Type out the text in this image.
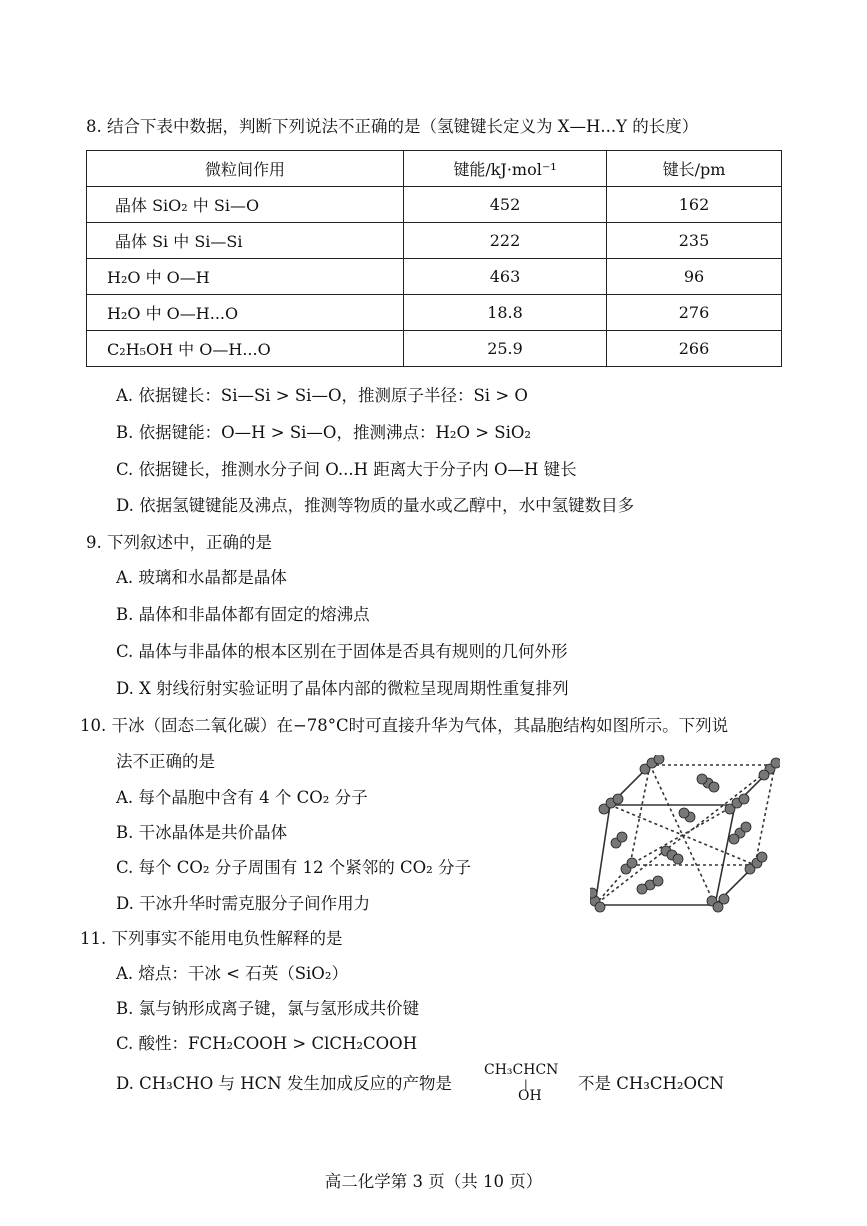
8. 结合下表中数据，判断下列说法不正确的是（氢键键长定义为 X—H...Y 的长度）
微粒间作用	键能/kJ·mol⁻¹	键长/pm
晶体 SiO₂ 中 Si—O	452	162
晶体 Si 中 Si—Si	222	235
H₂O 中 O—H	463	96
H₂O 中 O—H...O	18.8	276
C₂H₅OH 中 O—H...O	25.9	266
A. 依据键长：Si—Si > Si—O，推测原子半径：Si > O
B. 依据键能：O—H > Si—O，推测沸点：H₂O > SiO₂
C. 依据键长，推测水分子间 O...H 距离大于分子内 O—H 键长
D. 依据氢键键能及沸点，推测等物质的量水或乙醇中，水中氢键数目多
9. 下列叙述中，正确的是
A. 玻璃和水晶都是晶体
B. 晶体和非晶体都有固定的熔沸点
C. 晶体与非晶体的根本区别在于固体是否具有规则的几何外形
D. X 射线衍射实验证明了晶体内部的微粒呈现周期性重复排列
10. 干冰（固态二氧化碳）在−78°C时可直接升华为气体，其晶胞结构如图所示。下列说
法不正确的是
A. 每个晶胞中含有 4 个 CO₂ 分子
B. 干冰晶体是共价晶体
C. 每个 CO₂ 分子周围有 12 个紧邻的 CO₂ 分子
D. 干冰升华时需克服分子间作用力
11. 下列事实不能用电负性解释的是
A. 熔点：干冰 < 石英（SiO₂）
B. 氯与钠形成离子键，氯与氢形成共价键
C. 酸性：FCH₂COOH > ClCH₂COOH
D. CH₃CHO 与 HCN 发生加成反应的产物是
CH₃CHCN
|
OH
不是 CH₃CH₂OCN
高二化学第 3 页（共 10 页）
